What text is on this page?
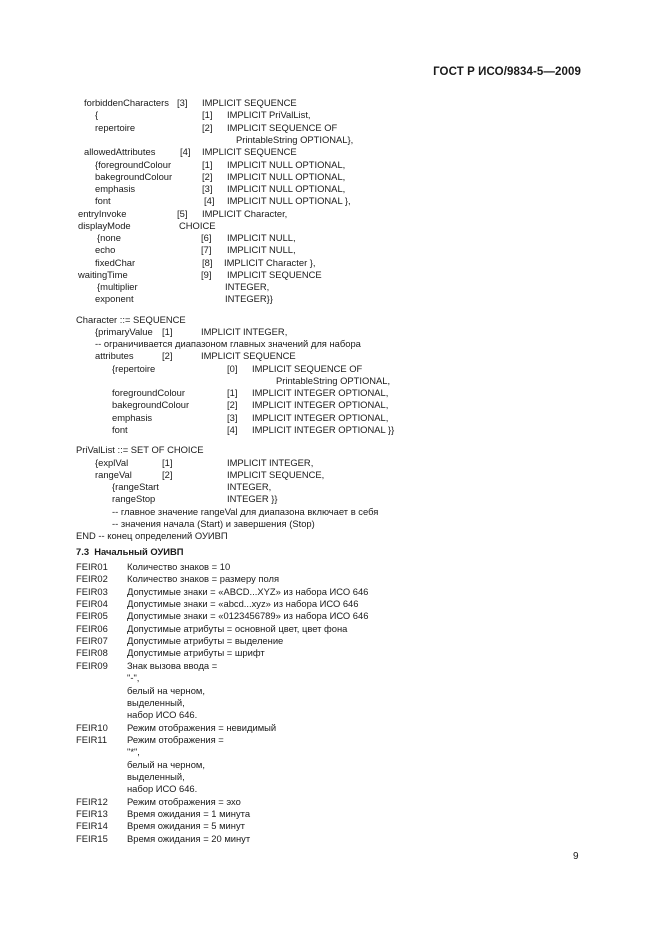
ГОСТ Р ИСО/9834-5—2009
forbiddenCharacters [3] IMPLICIT SEQUENCE
{	[1] IMPLICIT PriValList,
repertoire	[2] IMPLICIT SEQUENCE OF
PrintableString OPTIONAL},
allowedAttributes	[4] IMPLICIT SEQUENCE
{foregroundColour	[1] IMPLICIT NULL OPTIONAL,
bakegroundColour	[2] IMPLICIT NULL OPTIONAL,
emphasis	[3] IMPLICIT NULL OPTIONAL,
font	[4] IMPLICIT NULL OPTIONAL },
entryInvoke	[5] IMPLICIT Character,
displayMode	CHOICE
{none	[6] IMPLICIT NULL,
echo	[7] IMPLICIT NULL,
fixedChar	[8] IMPLICIT Character },
waitingTime	[9] IMPLICIT SEQUENCE
{multiplier	INTEGER,
exponent	INTEGER}}
Character ::= SEQUENCE
{primaryValue [1]	IMPLICIT INTEGER,
-- ограничивается диапазоном главных значений для набора
attributes	[2]	IMPLICIT SEQUENCE
{repertoire	[0] IMPLICIT SEQUENCE OF
PrintableString OPTIONAL,
foregroundColour	[1] IMPLICIT INTEGER OPTIONAL,
bakegroundColour	[2] IMPLICIT INTEGER OPTIONAL,
emphasis	[3] IMPLICIT INTEGER OPTIONAL,
font	[4] IMPLICIT INTEGER OPTIONAL }}
PriValList ::= SET OF CHOICE
{explVal	[1]	IMPLICIT INTEGER,
rangeVal	[2]	IMPLICIT SEQUENCE,
{rangeStart	INTEGER,
rangeStop	INTEGER }}
-- главное значение rangeVal для диапазона включает в себя
-- значения начала (Start) и завершения (Stop)
END -- конец определений ОУИВП
7.3  Начальный ОУИВП
FEIR01 Количество знаков = 10
FEIR02 Количество знаков = размеру поля
FEIR03 Допустимые знаки = «ABCD...XYZ» из набора ИСО 646
FEIR04 Допустимые знаки = «abcd...xyz» из набора ИСО 646
FEIR05 Допустимые знаки = «0123456789» из набора ИСО 646
FEIR06 Допустимые атрибуты = основной цвет, цвет фона
FEIR07 Допустимые атрибуты = выделение
FEIR08 Допустимые атрибуты = шрифт
FEIR09 Знак вызова ввода =
"-",
белый на черном,
выделенный,
набор ИСО 646.
FEIR10 Режим отображения = невидимый
FEIR11 Режим отображения =
"*",
белый на черном,
выделенный,
набор ИСО 646.
FEIR12 Режим отображения = эхо
FEIR13 Время ожидания = 1 минута
FEIR14 Время ожидания = 5 минут
FEIR15 Время ожидания = 20 минут
9
